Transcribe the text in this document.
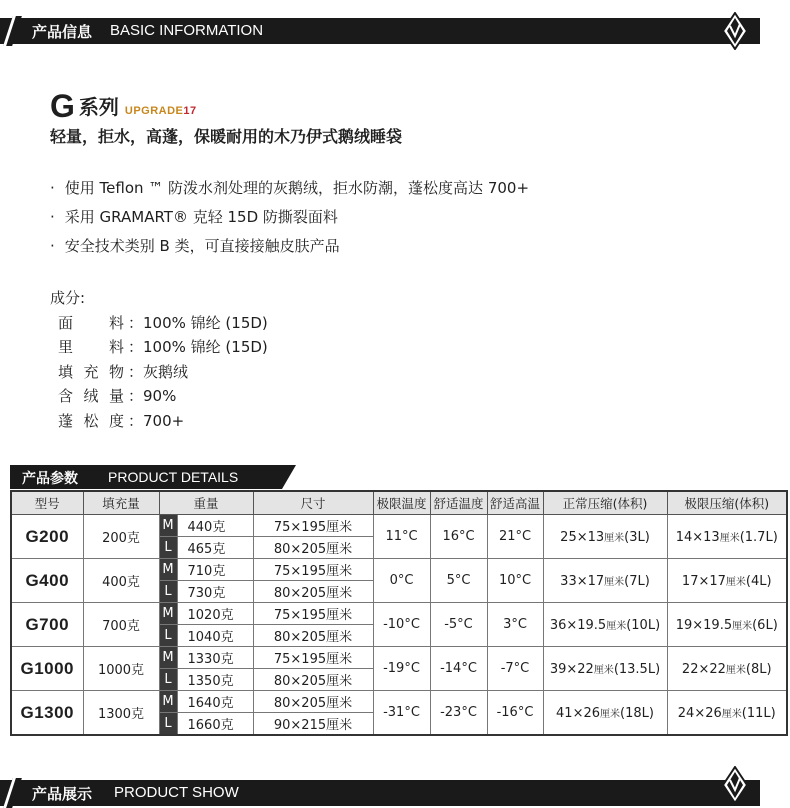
产品信息 BASIC INFORMATION
G系列 UPGRADE17
轻量，拒水，高蓬，保暖耐用的木乃伊式鹅绒睡袋
· 使用 Teflon ™ 防泼水剂处理的灰鹅绒，拒水防潮，蓬松度高达 700+
· 采用 GRAMART® 克轻 15D 防撕裂面料
· 安全技术类别 B 类，可直接接触皮肤产品
成分:
面　料 ：100% 锦纶 (15D)
里　料 ：100% 锦纶 (15D)
填充物 ：灰鹅绒
含绒量 ：90%
蓬松度 ：700+
产品参数 PRODUCT DETAILS
型号	填充量	重量		尺寸	极限温度	舒适温度	舒适高温	正常压缩(体积)	极限压缩(体积)
G200	200克	M	440克	75×195厘米	11°C	16°C	21°C	25×13厘米(3L)	14×13厘米(1.7L)
		L	465克	80×205厘米					
G400	400克	M	710克	75×195厘米	0°C	5°C	10°C	33×17厘米(7L)	17×17厘米(4L)
		L	730克	80×205厘米					
G700	700克	M	1020克	75×195厘米	-10°C	-5°C	3°C	36×19.5厘米(10L)	19×19.5厘米(6L)
		L	1040克	80×205厘米					
G1000	1000克	M	1330克	75×195厘米	-19°C	-14°C	-7°C	39×22厘米(13.5L)	22×22厘米(8L)
		L	1350克	80×205厘米					
G1300	1300克	M	1640克	80×205厘米	-31°C	-23°C	-16°C	41×26厘米(18L)	24×26厘米(11L)
		L	1660克	90×215厘米					
产品展示 PRODUCT SHOW
